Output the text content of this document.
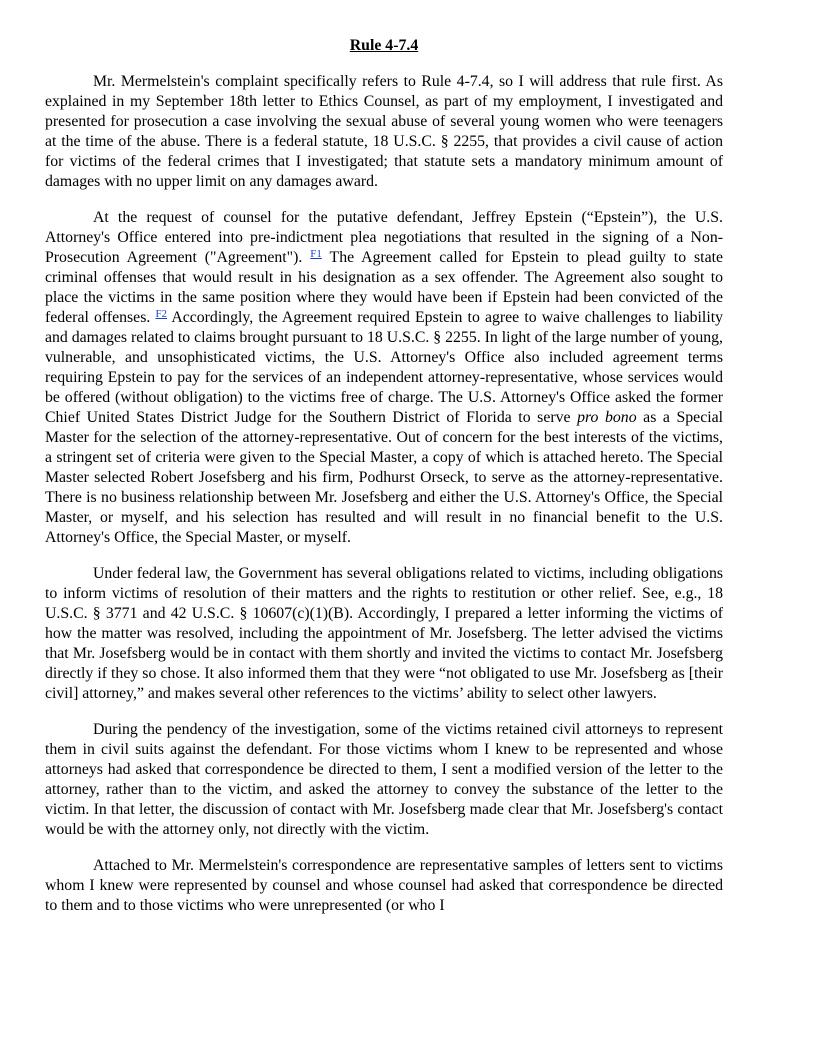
Rule 4-7.4

Mr. Mermelstein's complaint specifically refers to Rule 4-7.4, so I will address that rule first. As explained in my September 18th letter to Ethics Counsel, as part of my employment, I investigated and presented for prosecution a case involving the sexual abuse of several young women who were teenagers at the time of the abuse. There is a federal statute, 18 U.S.C. § 2255, that provides a civil cause of action for victims of the federal crimes that I investigated; that statute sets a mandatory minimum amount of damages with no upper limit on any damages award.

At the request of counsel for the putative defendant, Jeffrey Epstein (“Epstein”), the U.S. Attorney's Office entered into pre-indictment plea negotiations that resulted in the signing of a Non-Prosecution Agreement ("Agreement"). $^{F1}$ The Agreement called for Epstein to plead guilty to state criminal offenses that would result in his designation as a sex offender. The Agreement also sought to place the victims in the same position where they would have been if Epstein had been convicted of the federal offenses. $^{F2}$ Accordingly, the Agreement required Epstein to agree to waive challenges to liability and damages related to claims brought pursuant to 18 U.S.C. § 2255. In light of the large number of young, vulnerable, and unsophisticated victims, the U.S. Attorney's Office also included agreement terms requiring Epstein to pay for the services of an independent attorney-representative, whose services would be offered (without obligation) to the victims free of charge. The U.S. Attorney's Office asked the former Chief United States District Judge for the Southern District of Florida to serve pro bono as a Special Master for the selection of the attorney-representative. Out of concern for the best interests of the victims, a stringent set of criteria were given to the Special Master, a copy of which is attached hereto. The Special Master selected Robert Josefsberg and his firm, Podhurst Orseck, to serve as the attorney-representative. There is no business relationship between Mr. Josefsberg and either the U.S. Attorney's Office, the Special Master, or myself, and his selection has resulted and will result in no financial benefit to the U.S. Attorney's Office, the Special Master, or myself.

Under federal law, the Government has several obligations related to victims, including obligations to inform victims of resolution of their matters and the rights to restitution or other relief. See, e.g., 18 U.S.C. § 3771 and 42 U.S.C. § 10607(c)(1)(B). Accordingly, I prepared a letter informing the victims of how the matter was resolved, including the appointment of Mr. Josefsberg. The letter advised the victims that Mr. Josefsberg would be in contact with them shortly and invited the victims to contact Mr. Josefsberg directly if they so chose. It also informed them that they were “not obligated to use Mr. Josefsberg as [their civil] attorney,” and makes several other references to the victims’ ability to select other lawyers.

During the pendency of the investigation, some of the victims retained civil attorneys to represent them in civil suits against the defendant. For those victims whom I knew to be represented and whose attorneys had asked that correspondence be directed to them, I sent a modified version of the letter to the attorney, rather than to the victim, and asked the attorney to convey the substance of the letter to the victim. In that letter, the discussion of contact with Mr. Josefsberg made clear that Mr. Josefsberg's contact would be with the attorney only, not directly with the victim.

Attached to Mr. Mermelstein's correspondence are representative samples of letters sent to victims whom I knew were represented by counsel and whose counsel had asked that correspondence be directed to them and to those victims who were unrepresented (or who I
